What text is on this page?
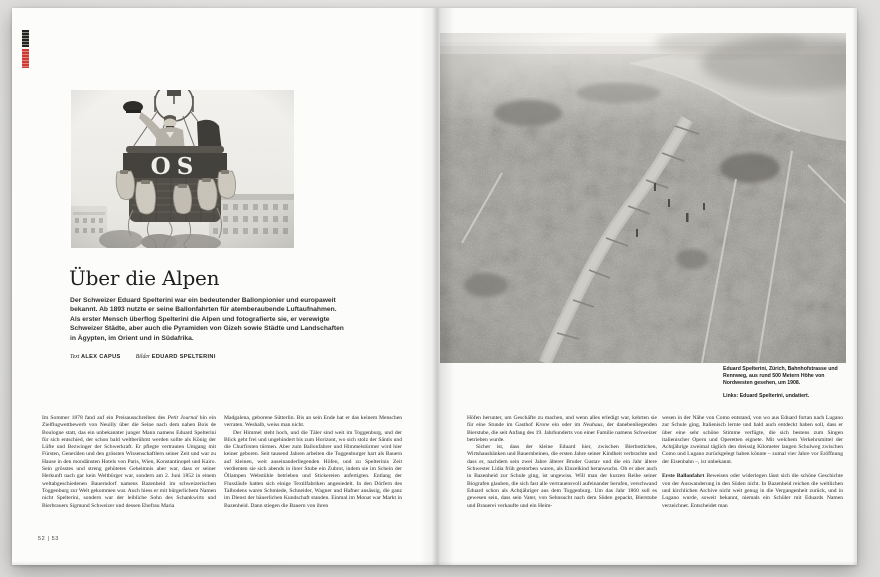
Über die Alpen
Der Schweizer Eduard Spelterini war ein bedeutender Ballonpionier und europaweit bekannt. Ab 1893 nutzte er seine Ballonfahrten für atemberaubende Luftaufnahmen. Als erster Mensch überflog Spelterini die Alpen und fotografierte sie, er verewigte Schweizer Städte, aber auch die Pyramiden von Gizeh sowie Städte und Landschaften in Ägypten, im Orient und in Südafrika.
Text ALEX CAPUS	Bilder EDUARD SPELTERINI

Im Sommer 1878 fand auf ein Preisausschreiben des Petit Journal hin ein Zielflugwettbewerb von Neuilly über die Seine nach dem nahen Bois de Boulogne statt, das ein unbekannter junger Mann namens Eduard Spelterini für sich entschied, der schon bald weltberühmt werden sollte als König der Lüfte und Bezwinger der Schwerkraft. Er pflegte vertrauten Umgang mit Fürsten, Generälen und den grössten Wissenschaftlern seiner Zeit und war zu Hause in den mondänsten Hotels von Paris, Wien, Konstantinopel und Kairo. Sein grösstes und streng gehütetes Geheimnis aber war, dass er seiner Herkunft nach gar kein Weltbürger war, sondern am 2. Juni 1852 in einem weltabgeschiedenen Bauerndorf namens Bazenheid im schweizerischen Toggenburg zur Welt gekommen war. Auch hiess er mit bürgerlichem Namen nicht Spelterini, sondern war der leibliche Sohn des Schankwirts und Bierbrauers Sigmund Schweizer und dessen Ehefrau Maria

Madgalena, geborene Sütterlin. Bis an sein Ende hat er das keinem Menschen verraten. Weshalb, weiss man nicht.

Der Himmel steht hoch, und die Täler sind weit im Toggenburg, und der Blick geht frei und ungehindert bis zum Horizont, wo sich stolz der Säntis und die Churfirsten türmen. Aber zum Ballonfahrer und Himmelstürmer wird hier keiner geboren. Seit tausend Jahren arbeiten die Toggenburger hart als Bauern auf kleinen, weit auseinanderliegenden Höfen, und zu Spelterinis Zeit verdienten sie sich abends in ihrer Stube ein Zubrot, indem sie im Schein der Öllampen Webstühle betrieben und Stickereien anfertigten. Entlang der Flussläufe hatten sich einige Textilfabriken angesiedelt. In den Dörfern des Talbodens waren Schmiede, Schneider, Wagner und Hafner ansässig, die ganz im Dienst der bäuerlichen Kundschaft standen. Einmal im Monat war Markt in Bazenheid. Dann stiegen die Bauern von ihren

52 | 53

Eduard Spelterini, Zürich, Bahnhofstrasse und Rennweg, aus rund 500 Metern Höhe von Nordwesten gesehen, um 1908.

Links: Eduard Spelterini, undatiert.

Höfen herunter, um Geschäfte zu machen, und wenn alles erledigt war, kehrten sie für eine Stunde im Gasthof Krone ein oder im Neuhaus, der danebenliegenden Bierstube, die seit Anfang des 19. Jahrhunderts von einer Familie namens Schweizer betrieben wurde.

Sicher ist, dass der kleine Eduard hier, zwischen Bierbottichen, Wirtshausbänken und Bauernbeinen, die ersten Jahre seiner Kindheit verbrachte und dass er, nachdem sein zwei Jahre älterer Bruder Gustav und die ein Jahr ältere Schwester Lidia früh gestorben waren, als Einzelkind heranwuchs. Ob er aber auch in Bazenheid zur Schule ging, ist ungewiss. Will man der kurzen Reihe seiner Biografen glauben, die sich fast alle vertrauensvoll aufeinander berufen, verschwand Eduard schon als Achtjähriger aus dem Toggenburg. Um das Jahr 1860 soll es gewesen sein, dass sein Vater, von Sehnsucht nach dem Süden gepackt, Bierstube und Brauerei verkaufte und ein Heim-

wesen in der Nähe von Como entstand, von wo aus Eduard fortan nach Lugano zur Schule ging, Italienisch lernte und bald auch entdeckt haben soll, dass er über eine sehr schöne Stimme verfügte, die sich bestens zum Singen italienischer Opern und Operetten eignete. Mit welchem Verkehrsmittel der Achtjährige zweimal täglich den dreissig Kilometer langen Schulweg zwischen Como und Lugano zurückgelegt haben könnte – zumal vier Jahre vor Eröffnung der Eisenbahn –, ist unbekannt.

Erste Ballonfahrt Beweisen oder widerlegen lässt sich die schöne Geschichte von der Auswanderung in den Süden nicht. In Bazenheid reichen die weltlichen und kirchlichen Archive nicht weit genug in die Vergangenheit zurück, und in Lugano wurde, soweit bekannt, niemals ein Schüler mit Eduards Namen verzeichnet. Entscheidet man
